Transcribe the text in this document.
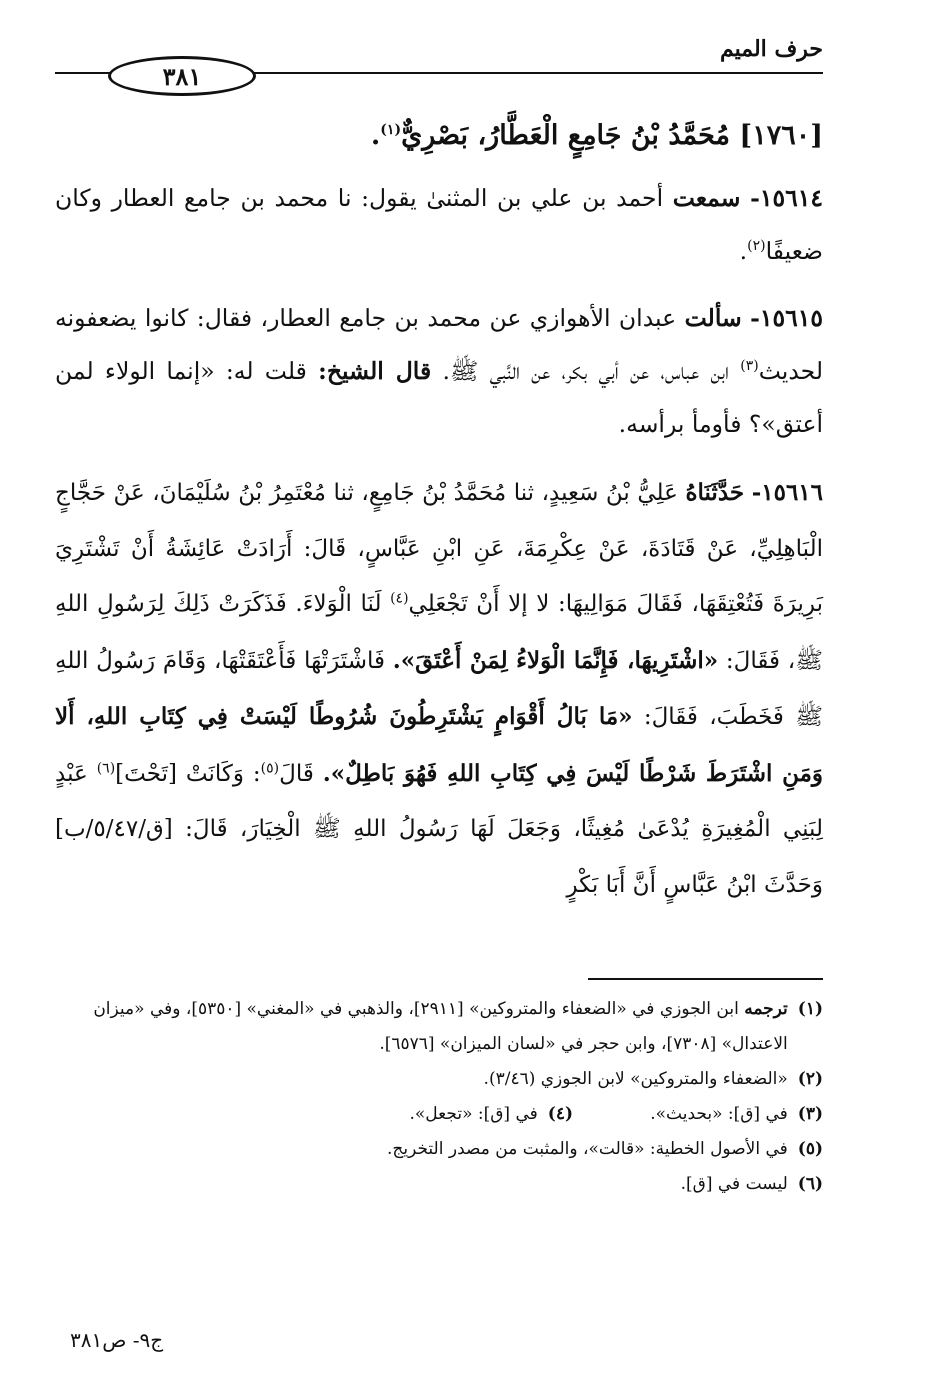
حرف الميم
٣٨١
[١٧٦٠] مُحَمَّدُ بْنُ جَامِعٍ الْعَطَّارُ، بَصْرِيٌّ$^{(١)}$.

١٥٦١٤- سمعت أحمد بن علي بن المثنىٰ يقول: نا محمد بن جامع العطار وكان ضعيفًا$^{(٢)}$.

١٥٦١٥- سألت عبدان الأهوازي عن محمد بن جامع العطار، فقال: كانوا يضعفونه لحديث$^{(٣)}$ ابن عباس، عن أبي بكر، عن النَّبي ﷺ. قال الشيخ: قلت له: «إنما الولاء لمن أعتق»؟ فأومأ برأسه.

١٥٦١٦- حَدَّثَنَاهُ عَلِيُّ بْنُ سَعِيدٍ، ثنا مُحَمَّدُ بْنُ جَامِعٍ، ثنا مُعْتَمِرُ بْنُ سُلَيْمَانَ، عَنْ حَجَّاجٍ الْبَاهِلِيِّ، عَنْ قَتَادَةَ، عَنْ عِكْرِمَةَ، عَنِ ابْنِ عَبَّاسٍ، قَالَ: أَرَادَتْ عَائِشَةُ أَنْ تَشْتَرِيَ بَرِيرَةَ فَتُعْتِقَهَا، فَقَالَ مَوَالِيهَا: لا إلا أَنْ تَجْعَلِي$^{(٤)}$ لَنَا الْوَلاءَ. فَذَكَرَتْ ذَلِكَ لِرَسُولِ اللهِ ﷺ، فَقَالَ: «اشْتَرِيهَا، فَإِنَّمَا الْوَلاءُ لِمَنْ أَعْتَقَ». فَاشْتَرَتْهَا فَأَعْتَقَتْهَا، وَقَامَ رَسُولُ اللهِ ﷺ فَخَطَبَ، فَقَالَ: «مَا بَالُ أَقْوَامٍ يَشْتَرِطُونَ شُرُوطًا لَيْسَتْ فِي كِتَابِ اللهِ، أَلا وَمَنِ اشْتَرَطَ شَرْطًا لَيْسَ فِي كِتَابِ اللهِ فَهُوَ بَاطِلٌ». قَالَ$^{(٥)}$: وَكَانَتْ [تَحْتَ]$^{(٦)}$ عَبْدٍ لِبَنِي الْمُغِيرَةِ يُدْعَىٰ مُغِيثًا، وَجَعَلَ لَهَا رَسُولُ اللهِ ﷺ الْخِيَارَ، قَالَ: [ق/٥/٤٧/ب] وَحَدَّثَ ابْنُ عَبَّاسٍ أَنَّ أَبَا بَكْرٍ

(١)
ترجمه ابن الجوزي في «الضعفاء والمتروكين» [٢٩١١]، والذهبي في «المغني» [٥٣٥٠]، وفي «ميزان الاعتدال» [٧٣٠٨]، وابن حجر في «لسان الميزان» [٦٥٧٦].
(٢)
«الضعفاء والمتروكين» لابن الجوزي (٣/٤٦).
(٣)
في [ق]: «بحديث».
(٤)
في [ق]: «تجعل».
(٥)
في الأصول الخطية: «قالت»، والمثبت من مصدر التخريج.
(٦)
ليست في [ق].
ج٩- ص٣٨١
